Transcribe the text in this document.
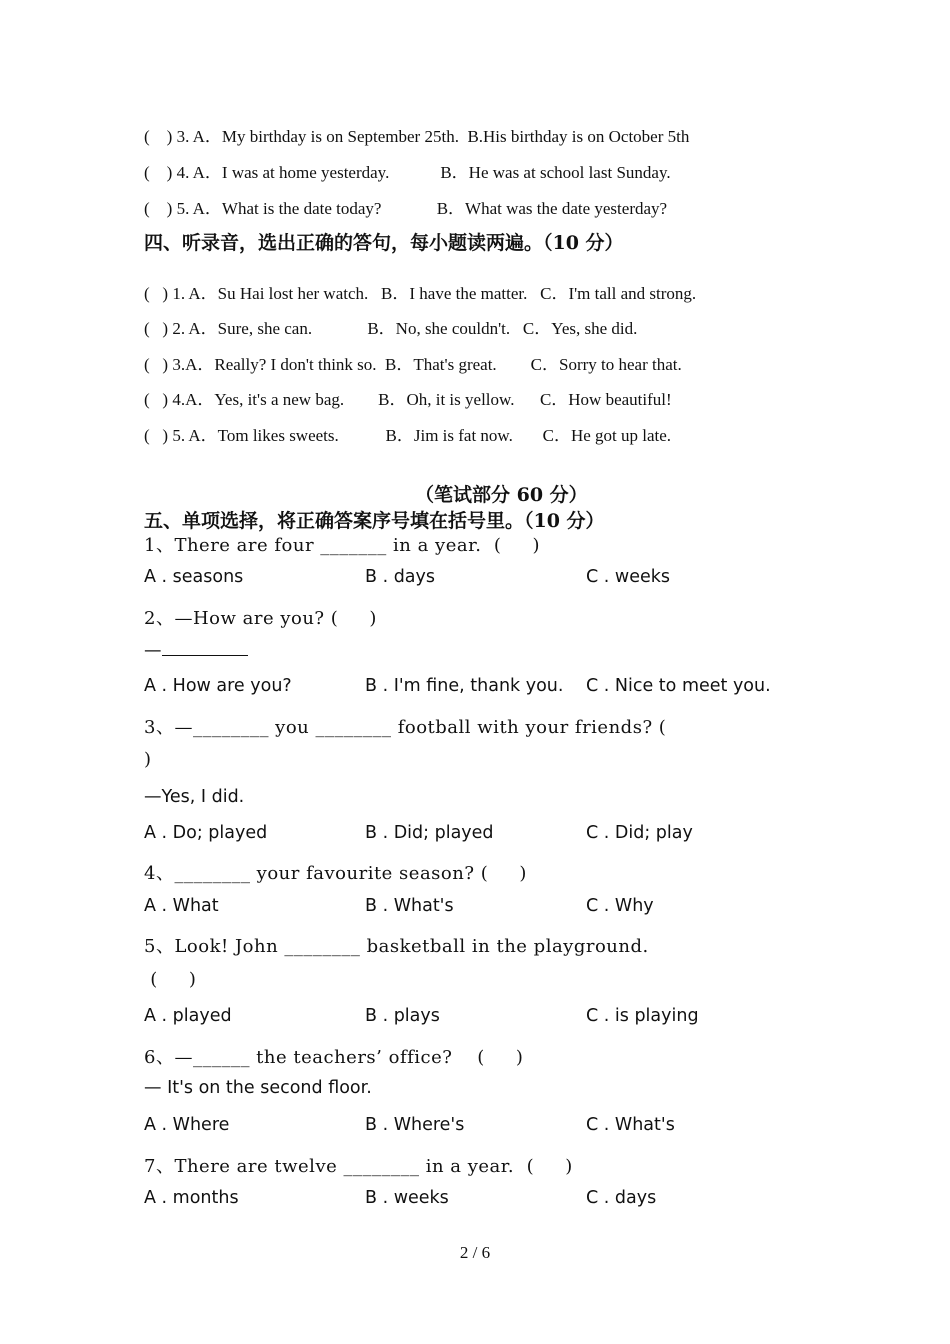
(    ) 3. A．My birthday is on September 25th.  B.His birthday is on October 5th
(    ) 4. A．I was at home yesterday.            B．He was at school last Sunday.
(    ) 5. A．What is the date today?             B．What was the date yesterday?
四、听录音，选出正确的答句，每小题读两遍。（10 分）
(   ) 1. A．Su Hai lost her watch.   B．I have the matter.   C．I'm tall and strong.
(   ) 2. A．Sure, she can.             B．No, she couldn't.   C．Yes, she did.
(   ) 3.A．Really? I don't think so.  B．That's great.        C．Sorry to hear that.
(   ) 4.A．Yes, it's a new bag.        B．Oh, it is yellow.      C．How beautiful!
(   ) 5. A．Tom likes sweets.           B．Jim is fat now.       C．He got up late.
（笔试部分 60 分）
五、单项选择，将正确答案序号填在括号里。（10 分）
1、There are four _______ in a year.  (     )
A . seasons	B . days	C . weeks
2、—How are you? (     )
—
A . How are you?	B . I'm fine, thank you. C . Nice to meet you.
3、—________ you ________ football with your friends? (
)
—Yes, I did.
A . Do; played	B . Did; played	C . Did; play
4、________ your favourite season? (     )
A . What	B . What's	C . Why
5、Look! John ________ basketball in the playground.
(     )
A . played	B . plays	C . is playing
6、—______ the teachers’ office?    (     )
— It's on the second floor.
A . Where	B . Where's	C . What's
7、There are twelve ________ in a year.  (     )
A . months	B . weeks	C . days
2 / 6
